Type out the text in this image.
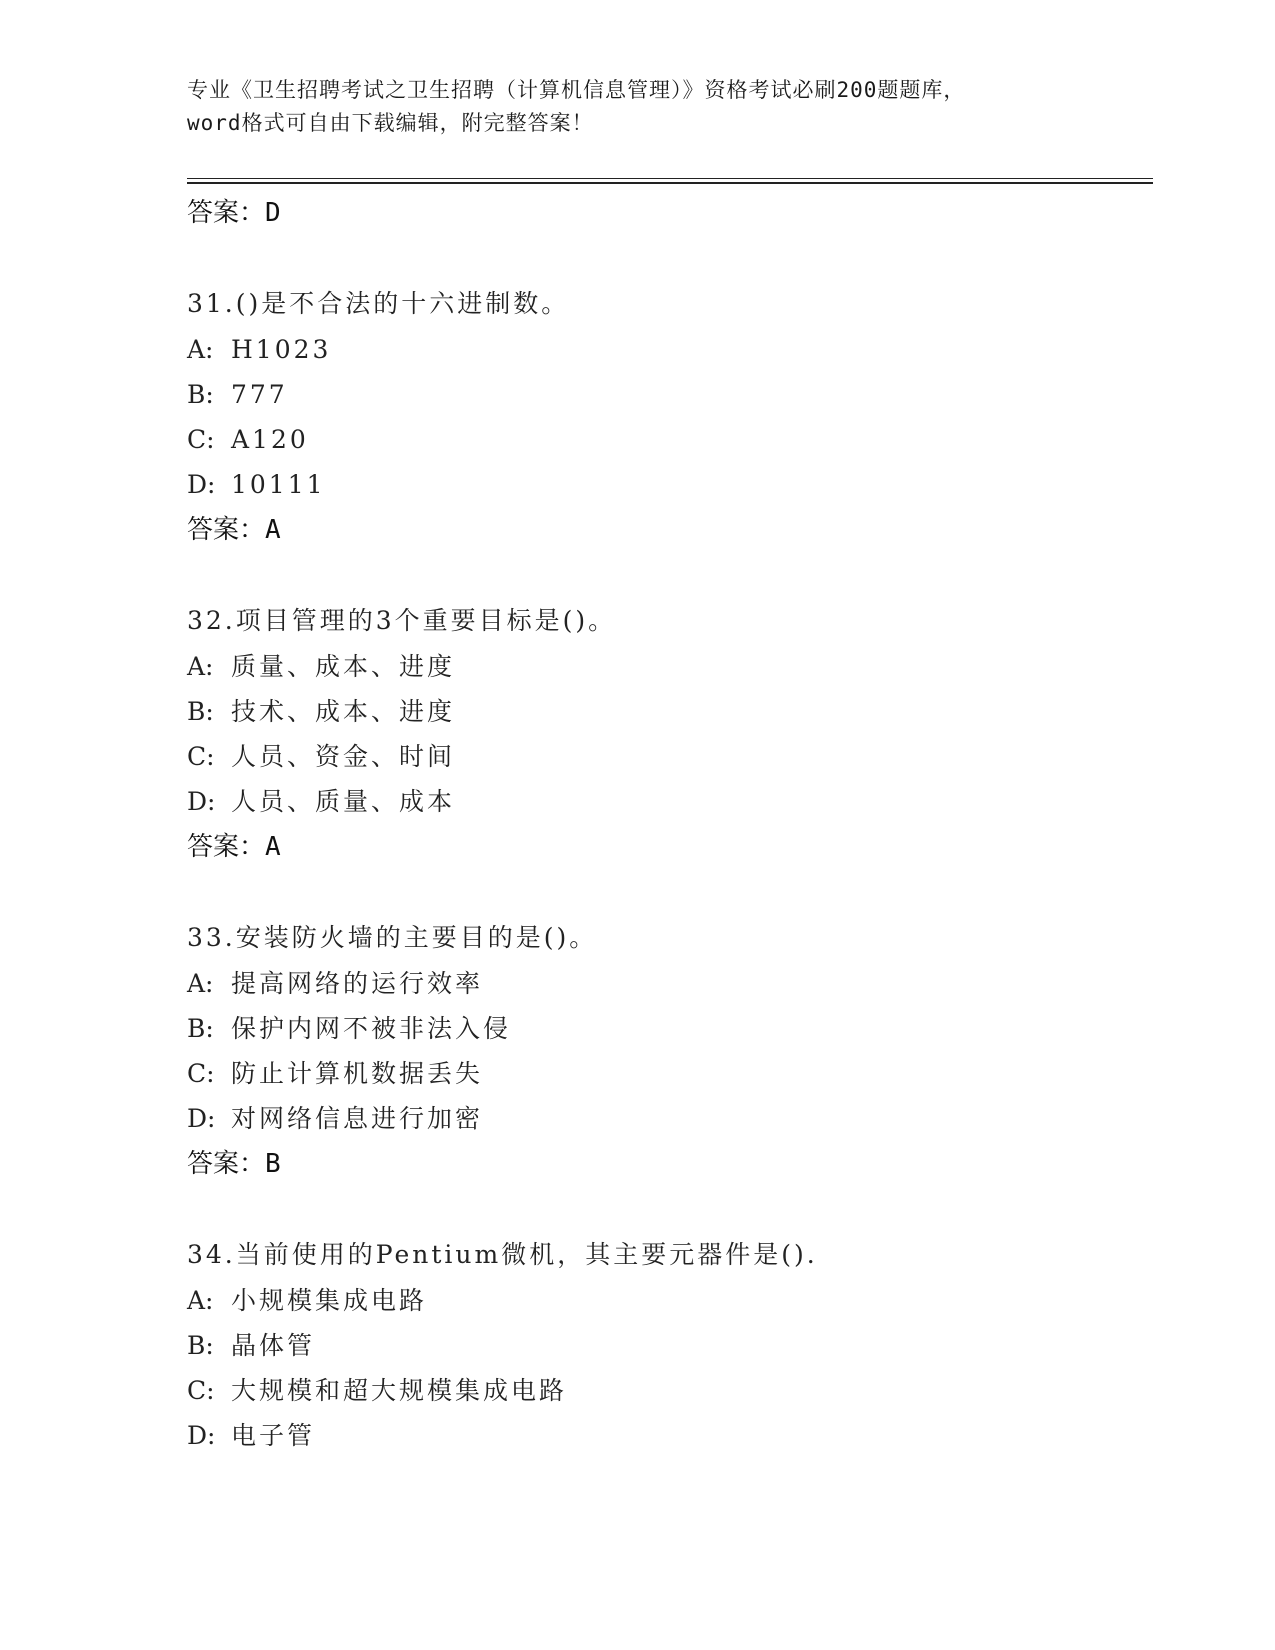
专业《卫生招聘考试之卫生招聘（计算机信息管理）》资格考试必刷200题题库，
word格式可自由下载编辑，附完整答案！
答案：D
31.()是不合法的十六进制数。
A: H1023
B: 777
C: A120
D: 10111
答案：A
32.项目管理的3个重要目标是()。
A: 质量、成本、进度
B: 技术、成本、进度
C: 人员、资金、时间
D: 人员、质量、成本
答案：A
33.安装防火墙的主要目的是()。
A: 提高网络的运行效率
B: 保护内网不被非法入侵
C: 防止计算机数据丢失
D: 对网络信息进行加密
答案：B
34.当前使用的Pentium微机，其主要元器件是().
A: 小规模集成电路
B: 晶体管
C: 大规模和超大规模集成电路
D: 电子管
